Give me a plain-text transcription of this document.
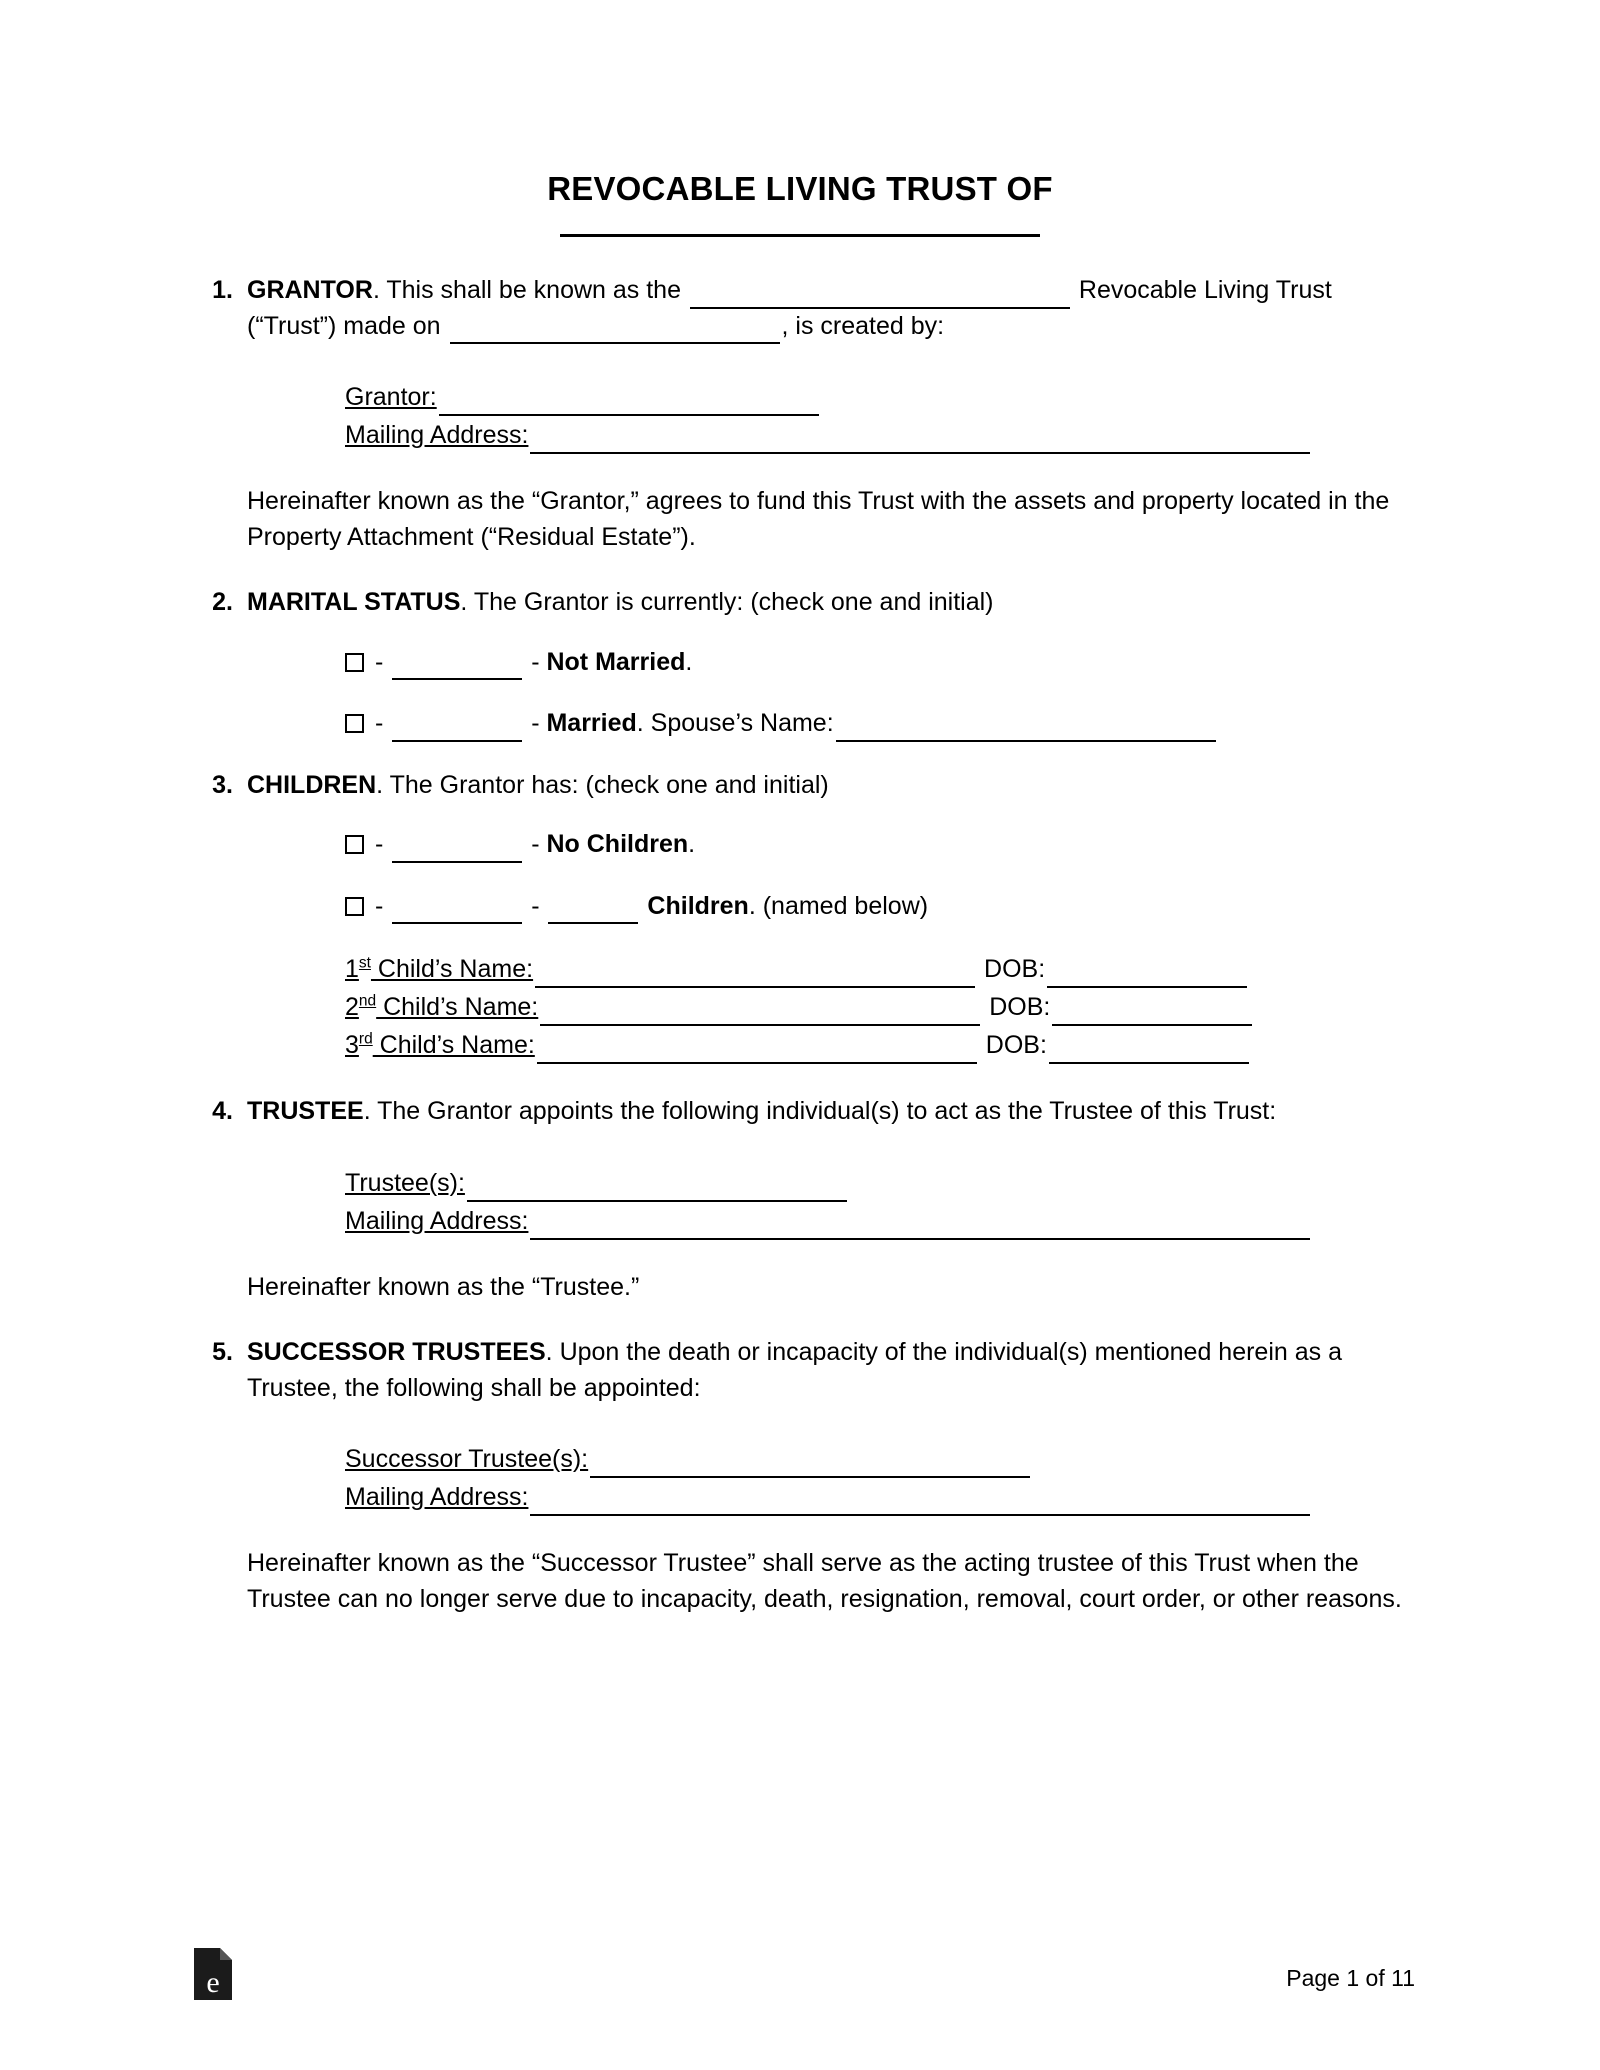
REVOCABLE LIVING TRUST OF
1. GRANTOR. This shall be known as the	Revocable Living Trust (“Trust”) made on	, is created by:
Grantor:
Mailing Address:
Hereinafter known as the “Grantor,” agrees to fund this Trust with the assets and property located in the Property Attachment (“Residual Estate”).
2. MARITAL STATUS. The Grantor is currently: (check one and initial)
-	- Not Married.
-	- Married. Spouse’s Name:
3. CHILDREN. The Grantor has: (check one and initial)
-	- No Children.
-	-	Children. (named below)
1st Child’s Name:	DOB:
2nd Child’s Name:	DOB:
3rd Child’s Name:	DOB:
4. TRUSTEE. The Grantor appoints the following individual(s) to act as the Trustee of this Trust:
Trustee(s):
Mailing Address:
Hereinafter known as the “Trustee.”
5. SUCCESSOR TRUSTEES. Upon the death or incapacity of the individual(s) mentioned herein as a Trustee, the following shall be appointed:
Successor Trustee(s):
Mailing Address:
Hereinafter known as the “Successor Trustee” shall serve as the acting trustee of this Trust when the Trustee can no longer serve due to incapacity, death, resignation, removal, court order, or other reasons.
e	Page 1 of 11
